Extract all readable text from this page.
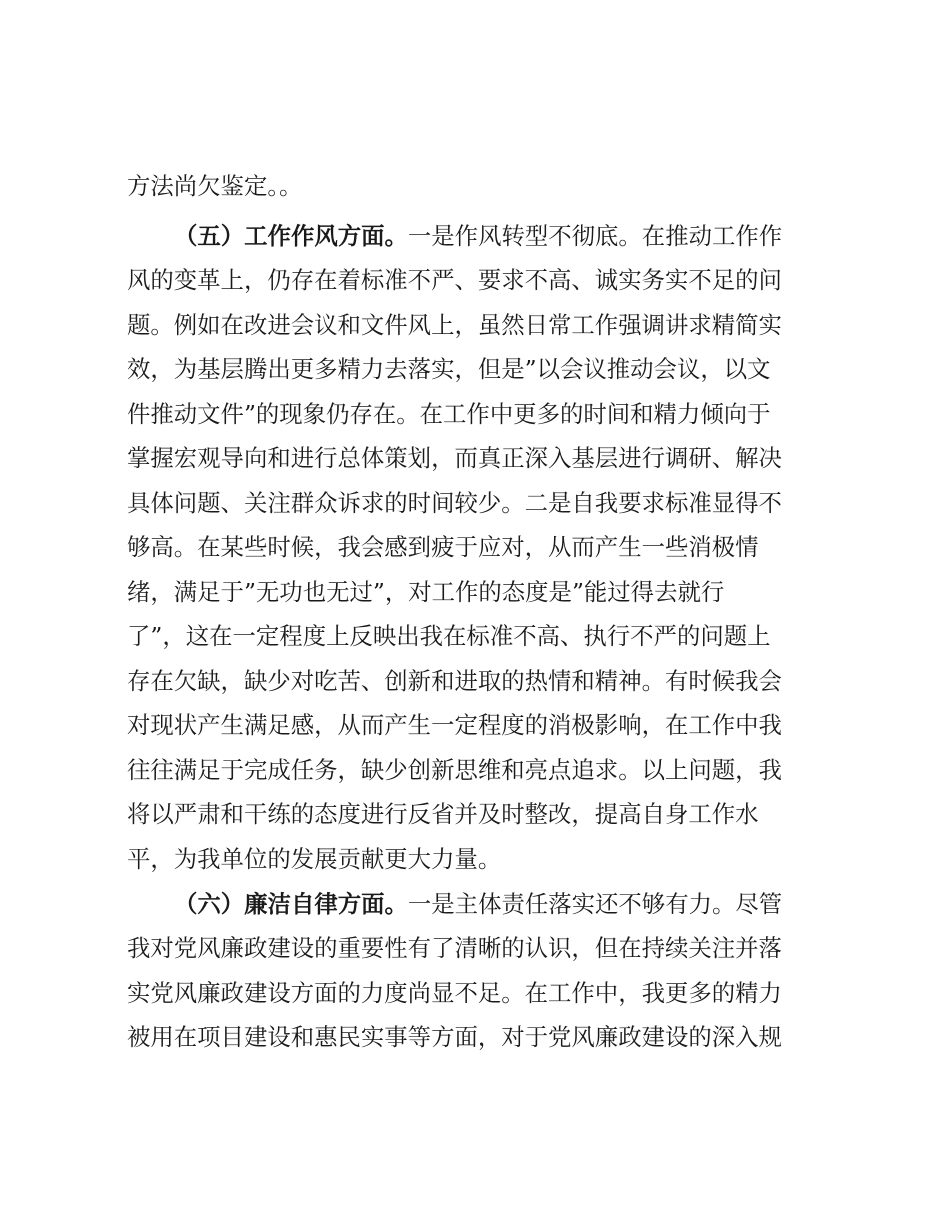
方法尚欠鉴定。。
（五）工作作风方面。一是作风转型不彻底。在推动工作作
风的变革上，仍存在着标准不严、要求不高、诚实务实不足的问
题。例如在改进会议和文件风上，虽然日常工作强调讲求精简实
效，为基层腾出更多精力去落实，但是”以会议推动会议，以文
件推动文件”的现象仍存在。在工作中更多的时间和精力倾向于
掌握宏观导向和进行总体策划，而真正深入基层进行调研、解决
具体问题、关注群众诉求的时间较少。二是自我要求标准显得不
够高。在某些时候，我会感到疲于应对，从而产生一些消极情
绪，满足于”无功也无过”，对工作的态度是”能过得去就行
了”，这在一定程度上反映出我在标准不高、执行不严的问题上
存在欠缺，缺少对吃苦、创新和进取的热情和精神。有时候我会
对现状产生满足感，从而产生一定程度的消极影响，在工作中我
往往满足于完成任务，缺少创新思维和亮点追求。以上问题，我
将以严肃和干练的态度进行反省并及时整改，提高自身工作水
平，为我单位的发展贡献更大力量。
（六）廉洁自律方面。一是主体责任落实还不够有力。尽管
我对党风廉政建设的重要性有了清晰的认识，但在持续关注并落
实党风廉政建设方面的力度尚显不足。在工作中，我更多的精力
被用在项目建设和惠民实事等方面，对于党风廉政建设的深入规
